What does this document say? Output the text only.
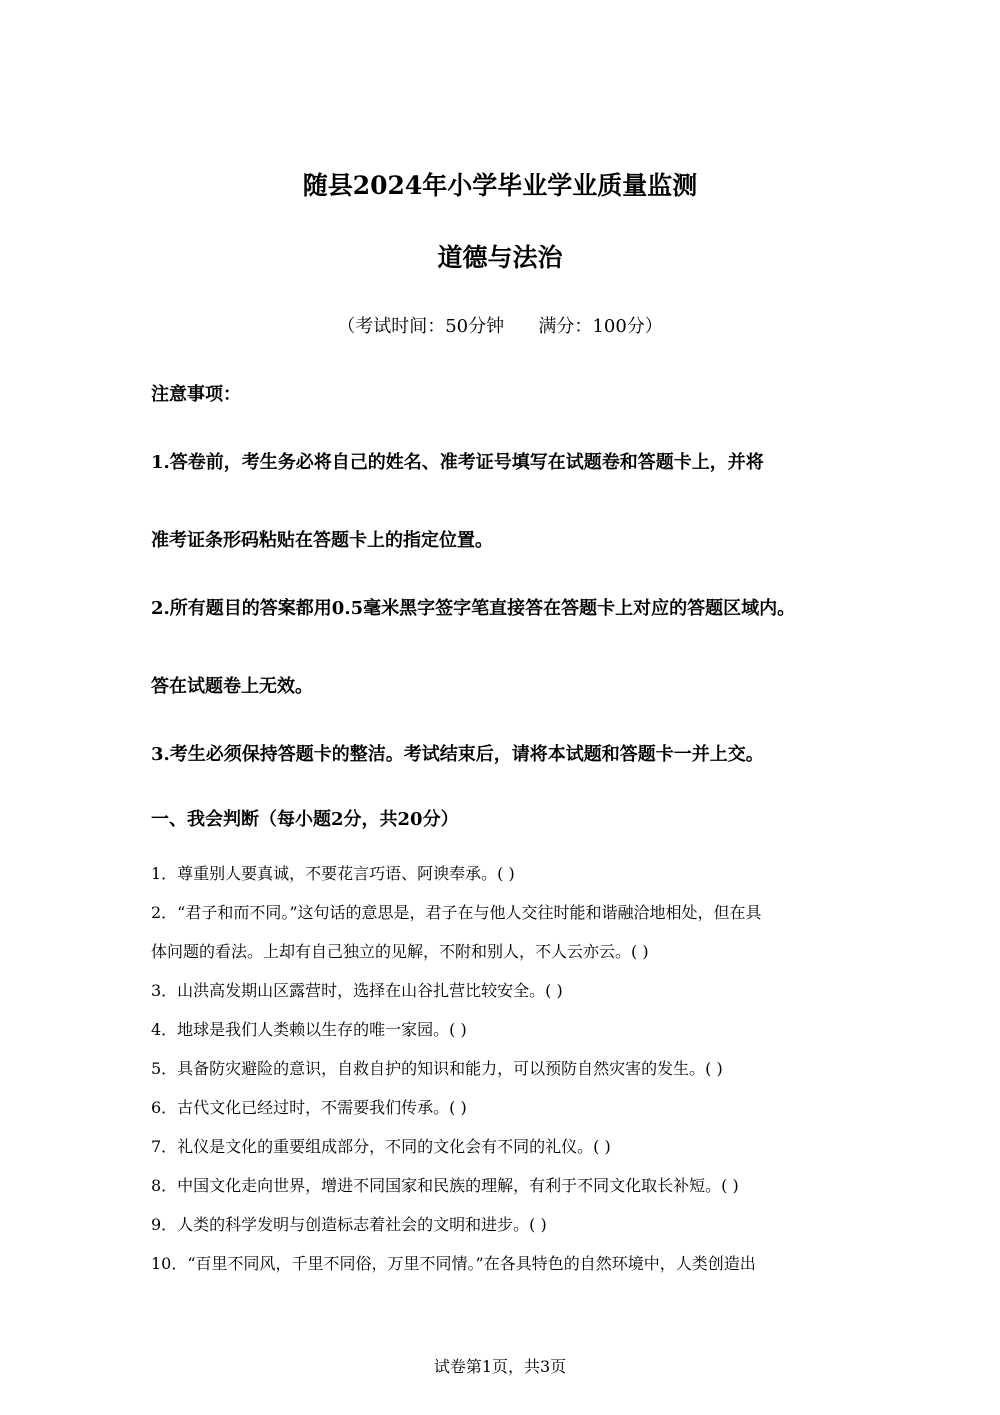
随县2024年小学毕业学业质量监测
道德与法治
（考试时间：50分钟      满分：100分）
注意事项：
1.答卷前，考生务必将自己的姓名、准考证号填写在试题卷和答题卡上，并将
准考证条形码粘贴在答题卡上的指定位置。
2.所有题目的答案都用0.5毫米黑字签字笔直接答在答题卡上对应的答题区域内。
答在试题卷上无效。
3.考生必须保持答题卡的整洁。考试结束后，请将本试题和答题卡一并上交。
一、我会判断（每小题2分，共20分）
1．尊重别人要真诚，不要花言巧语、阿谀奉承。( )
2．“君子和而不同。”这句话的意思是，君子在与他人交往时能和谐融洽地相处，但在具
体问题的看法。上却有自己独立的见解，不附和别人，不人云亦云。( )
3．山洪高发期山区露营时，选择在山谷扎营比较安全。( )
4．地球是我们人类赖以生存的唯一家园。( )
5．具备防灾避险的意识，自救自护的知识和能力，可以预防自然灾害的发生。( )
6．古代文化已经过时，不需要我们传承。( )
7．礼仪是文化的重要组成部分，不同的文化会有不同的礼仪。( )
8．中国文化走向世界，增进不同国家和民族的理解，有利于不同文化取长补短。( )
9．人类的科学发明与创造标志着社会的文明和进步。( )
10．“百里不同风，千里不同俗，万里不同情。”在各具特色的自然环境中，人类创造出
试卷第1页，共3页
